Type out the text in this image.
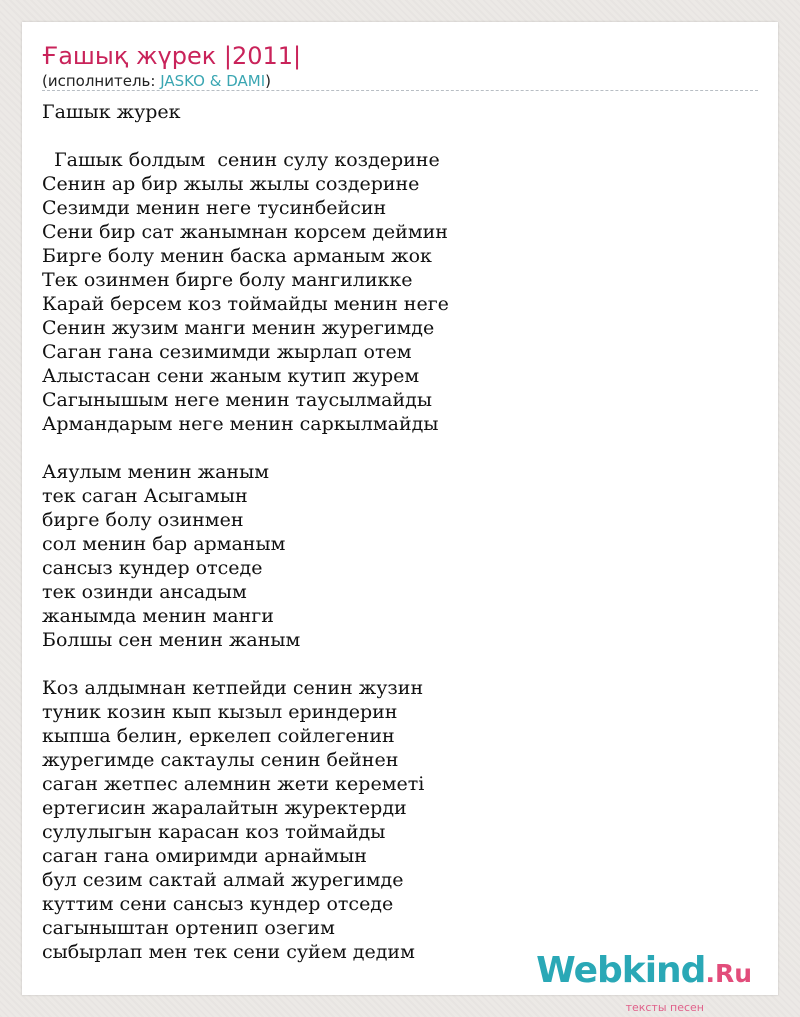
Ғашық жүрек |2011|
(исполнитель: JASKO & DAMI)
Гашык журек
Гашык болдым  сенин сулу коздерине
Сенин ар бир жылы жылы создерине
Сезимди менин неге тусинбейсин
Сени бир сат жанымнан корсем деймин
Бирге болу менин баска арманым жок
Тек озинмен бирге болу мангиликке
Карай берсем коз тоймайды менин неге
Сенин жузим манги менин журегимде
Саган гана сезимимди жырлап отем
Алыстасан сени жаным кутип журем
Сагынышым неге менин таусылмайды
Армандарым неге менин саркылмайды
Аяулым менин жаным
тек саган Асыгамын
бирге болу озинмен
сол менин бар арманым
сансыз кундер отседе
тек озинди ансадым
жанымда менин манги
Болшы сен менин жаным
Коз алдымнан кетпейди сенин жузин
туник козин кып кызыл ериндерин
кыпша белин, еркелеп сойлегенин
журегимде сактаулы сенин бейнен
саган жетпес алемнин жети кереметi
ертегисин жаралайтын журектерди
сулулыгын карасан коз тоймайды
саган гана омиримди арнаймын
бул сезим сактай алмай журегимде
куттим сени сансыз кундер отседе
сагыныштан ортенип озегим
сыбырлап мен тек сени суйем дедим	Webkind.Ru
тексты песен
